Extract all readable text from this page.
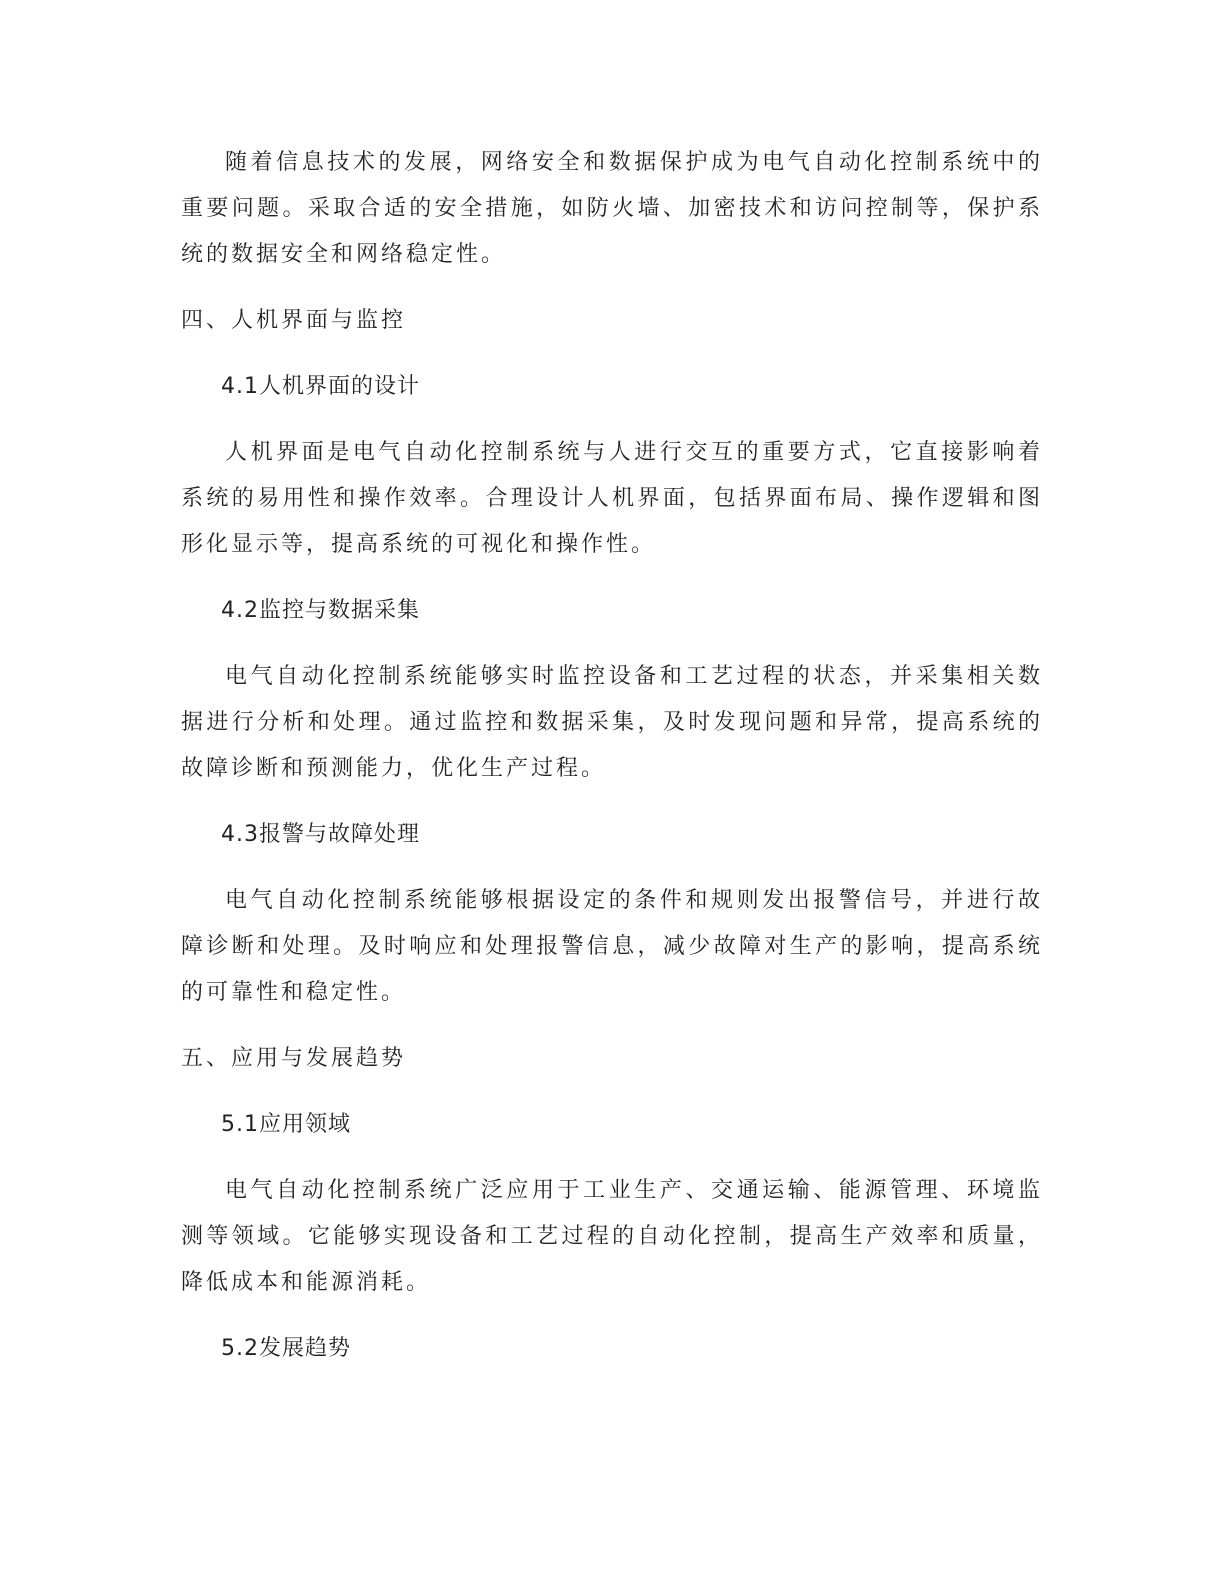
随着信息技术的发展，网络安全和数据保护成为电气自动化控制系统中的重要问题。采取合适的安全措施，如防火墙、加密技术和访问控制等，保护系统的数据安全和网络稳定性。

四、人机界面与监控

4.1人机界面的设计

人机界面是电气自动化控制系统与人进行交互的重要方式，它直接影响着系统的易用性和操作效率。合理设计人机界面，包括界面布局、操作逻辑和图形化显示等，提高系统的可视化和操作性。

4.2监控与数据采集

电气自动化控制系统能够实时监控设备和工艺过程的状态，并采集相关数据进行分析和处理。通过监控和数据采集，及时发现问题和异常，提高系统的故障诊断和预测能力，优化生产过程。

4.3报警与故障处理

电气自动化控制系统能够根据设定的条件和规则发出报警信号，并进行故障诊断和处理。及时响应和处理报警信息，减少故障对生产的影响，提高系统的可靠性和稳定性。

五、应用与发展趋势

5.1应用领域

电气自动化控制系统广泛应用于工业生产、交通运输、能源管理、环境监测等领域。它能够实现设备和工艺过程的自动化控制，提高生产效率和质量，降低成本和能源消耗。

5.2发展趋势
